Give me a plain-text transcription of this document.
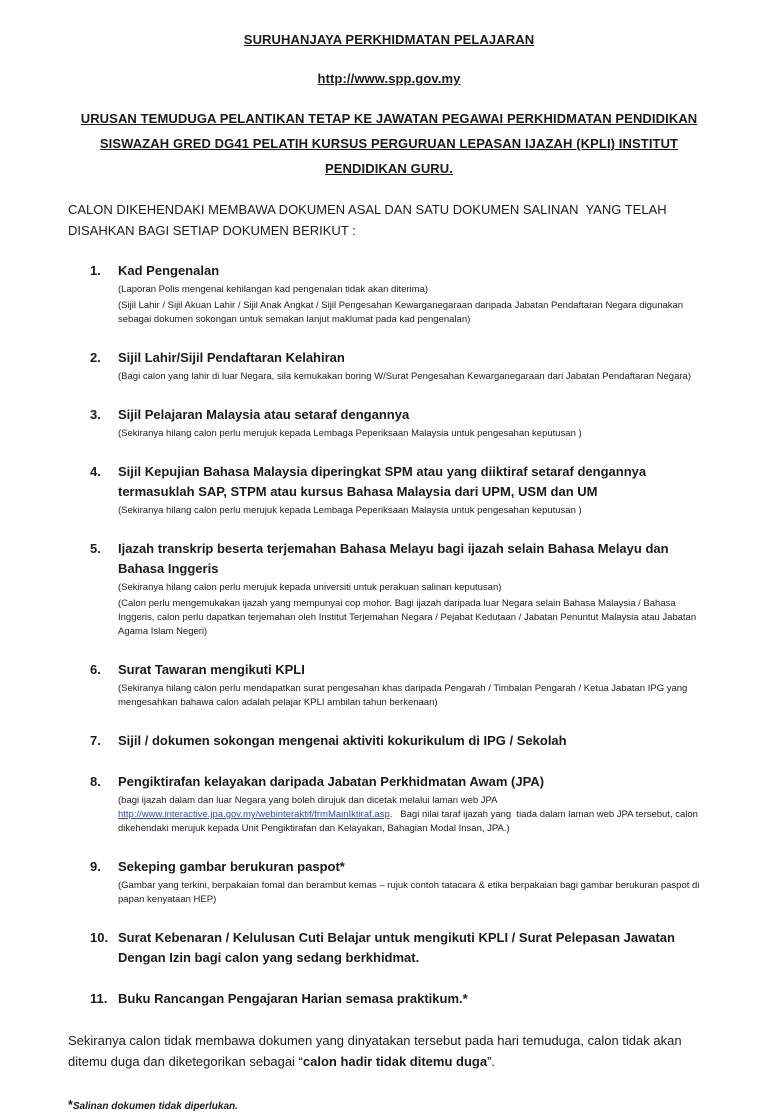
SURUHANJAYA PERKHIDMATAN PELAJARAN

http://www.spp.gov.my

URUSAN TEMUDUGA PELANTIKAN TETAP KE JAWATAN PEGAWAI PERKHIDMATAN PENDIDIKAN SISWAZAH GRED DG41 PELATIH KURSUS PERGURUAN LEPASAN IJAZAH (KPLI) INSTITUT PENDIDIKAN GURU.

CALON DIKEHENDAKI MEMBAWA DOKUMEN ASAL DAN SATU DOKUMEN SALINAN  YANG TELAH DISAHKAN BAGI SETIAP DOKUMEN BERIKUT :

1.	Kad Pengenalan

(Laporan Polis mengenai kehilangan kad pengenalan tidak akan diterima)

(Sijil Lahir / Sijil Akuan Lahir / Sijil Anak Angkat / Sijil Pengesahan Kewarganegaraan daripada Jabatan Pendaftaran Negara digunakan sebagai dokumen sokongan untuk semakan lanjut maklumat pada kad pengenalan)

2.	Sijil Lahir/Sijil Pendaftaran Kelahiran

(Bagi calon yang lahir di luar Negara, sila kemukakan boring W/Surat Pengesahan Kewarganegaraan dari Jabatan Pendaftaran Negara)

3.	Sijil Pelajaran Malaysia atau setaraf dengannya

(Sekiranya hilang calon perlu merujuk kepada Lembaga Peperiksaan Malaysia untuk pengesahan keputusan )

4.	Sijil Kepujian Bahasa Malaysia diperingkat SPM atau yang diiktiraf setaraf dengannya termasuklah SAP, STPM atau kursus Bahasa Malaysia dari UPM, USM dan UM

(Sekiranya hilang calon perlu merujuk kepada Lembaga Peperiksaan Malaysia untuk pengesahan keputusan )

5.	Ijazah transkrip beserta terjemahan Bahasa Melayu bagi ijazah selain Bahasa Melayu dan Bahasa Inggeris

(Sekiranya hilang calon perlu merujuk kepada universiti untuk perakuan salinan keputusan)

(Calon perlu mengemukakan ijazah yang mempunyai cop mohor. Bagi ijazah daripada luar Negara selain Bahasa Malaysia / Bahasa Inggeris, calon perlu dapatkan terjemahan oleh Institut Terjemahan Negara / Pejabat Kedutaan / Jabatan Penuntut Malaysia atau Jabatan Agama Islam Negeri)

6.	Surat Tawaran mengikuti KPLI

(Sekiranya hilang calon perlu mendapatkan surat pengesahan khas daripada Pengarah / Timbalan Pengarah / Ketua Jabatan IPG yang mengesahkan bahawa calon adalah pelajar KPLI ambilan tahun berkenaan)

7.	Sijil / dokumen sokongan mengenai aktiviti kokurikulum di IPG / Sekolah

8.	Pengiktirafan kelayakan daripada Jabatan Perkhidmatan Awam (JPA)

(bagi ijazah dalam dan luar Negara yang boleh dirujuk dan dicetak melalui laman web JPA http://www.interactive.jpa.gov.my/webinteraktif/frmMainIktiraf.asp.   Bagi nilai taraf ijazah yang  tiada dalam laman web JPA tersebut, calon dikehendaki merujuk kepada Unit Pengiktirafan dan Kelayakan, Bahagian Modal Insan, JPA.)

9.	Sekeping gambar berukuran paspot*

(Gambar yang terkini, berpakaian fomal dan berambut kemas – rujuk contoh tatacara & etika berpakaian bagi gambar berukuran paspot di papan kenyataan HEP)

10. Surat Kebenaran / Kelulusan Cuti Belajar untuk mengikuti KPLI / Surat Pelepasan Jawatan Dengan Izin bagi calon yang sedang berkhidmat.

11. Buku Rancangan Pengajaran Harian semasa praktikum.*

Sekiranya calon tidak membawa dokumen yang dinyatakan tersebut pada hari temuduga, calon tidak akan ditemu duga dan diketegorikan sebagai “calon hadir tidak ditemu duga”.

*Salinan dokumen tidak diperlukan.
